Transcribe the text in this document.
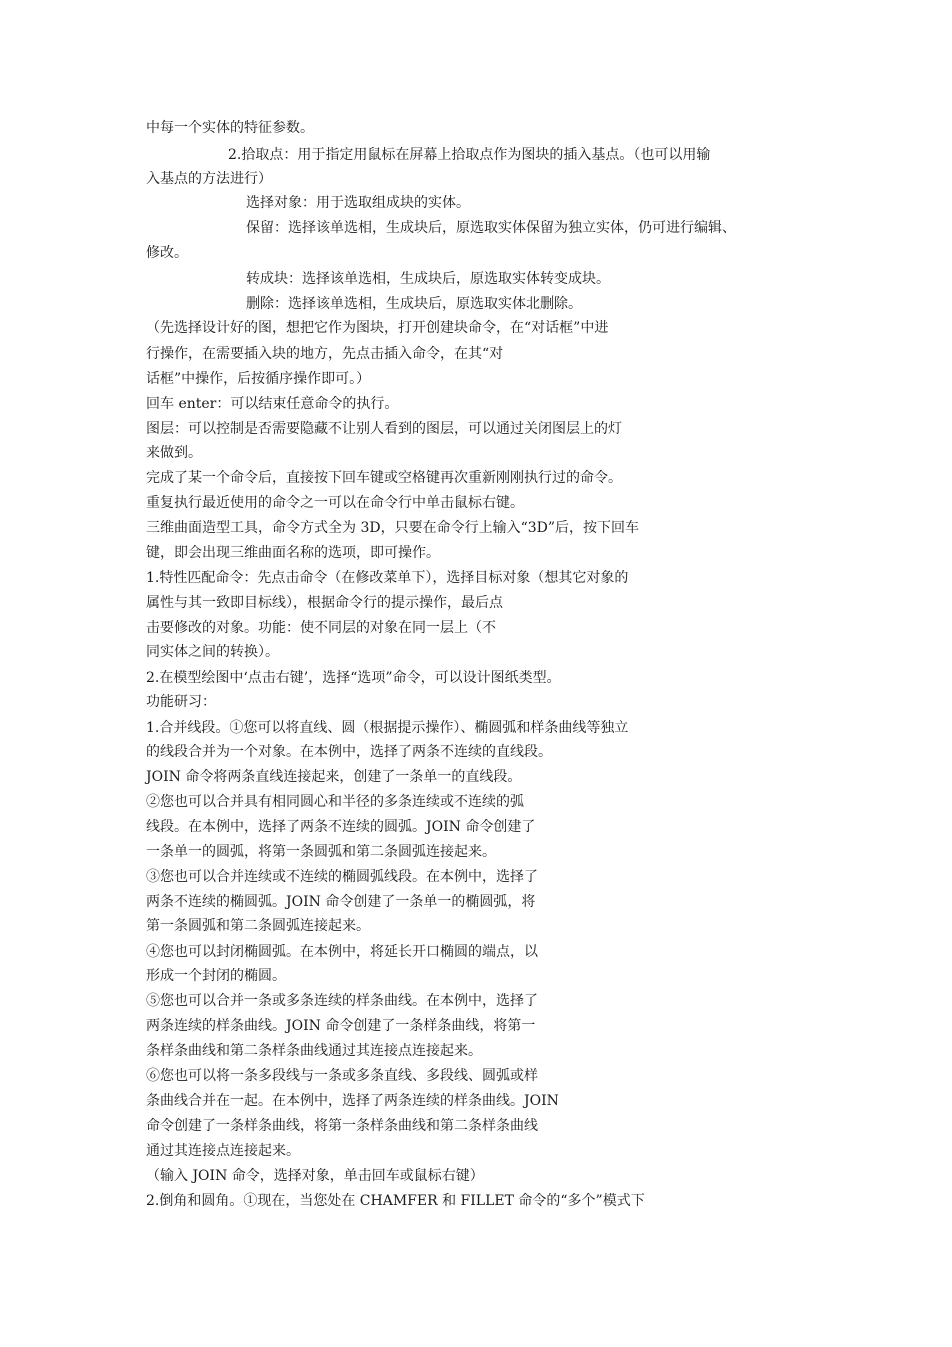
中每一个实体的特征参数。
2.拾取点：用于指定用鼠标在屏幕上拾取点作为图块的插入基点。（也可以用输
入基点的方法进行）
选择对象：用于选取组成块的实体。
保留：选择该单选相，生成块后，原选取实体保留为独立实体，仍可进行编辑、
修改。
转成块：选择该单选相，生成块后，原选取实体转变成块。
删除：选择该单选相，生成块后，原选取实体北删除。
（先选择设计好的图，想把它作为图块，打开创建块命令，在“对话框”中进
行操作，在需要插入块的地方，先点击插入命令，在其“对
话框”中操作，后按循序操作即可。）
回车 enter：可以结束任意命令的执行。
图层：可以控制是否需要隐藏不让别人看到的图层，可以通过关闭图层上的灯
来做到。
完成了某一个命令后，直接按下回车键或空格键再次重新刚刚执行过的命令。
重复执行最近使用的命令之一可以在命令行中单击鼠标右键。
三维曲面造型工具，命令方式全为 3D，只要在命令行上输入“3D”后，按下回车
键，即会出现三维曲面名称的选项，即可操作。
1.特性匹配命令：先点击命令（在修改菜单下），选择目标对象（想其它对象的
属性与其一致即目标线），根据命令行的提示操作，最后点
击要修改的对象。功能：使不同层的对象在同一层上（不
同实体之间的转换）。
2.在模型绘图中‘点击右键’，选择“选项”命令，可以设计图纸类型。
功能研习：
1.合并线段。①您可以将直线、圆（根据提示操作）、椭圆弧和样条曲线等独立
的线段合并为一个对象。在本例中，选择了两条不连续的直线段。
JOIN 命令将两条直线连接起来，创建了一条单一的直线段。
②您也可以合并具有相同圆心和半径的多条连续或不连续的弧
线段。在本例中，选择了两条不连续的圆弧。JOIN 命令创建了
一条单一的圆弧，将第一条圆弧和第二条圆弧连接起来。
③您也可以合并连续或不连续的椭圆弧线段。在本例中，选择了
两条不连续的椭圆弧。JOIN 命令创建了一条单一的椭圆弧，将
第一条圆弧和第二条圆弧连接起来。
④您也可以封闭椭圆弧。在本例中，将延长开口椭圆的端点，以
形成一个封闭的椭圆。
⑤您也可以合并一条或多条连续的样条曲线。在本例中，选择了
两条连续的样条曲线。JOIN 命令创建了一条样条曲线，将第一
条样条曲线和第二条样条曲线通过其连接点连接起来。
⑥您也可以将一条多段线与一条或多条直线、多段线、圆弧或样
条曲线合并在一起。在本例中，选择了两条连续的样条曲线。JOIN
命令创建了一条样条曲线，将第一条样条曲线和第二条样条曲线
通过其连接点连接起来。
（输入 JOIN 命令，选择对象，单击回车或鼠标右键）
2.倒角和圆角。①现在，当您处在 CHAMFER 和 FILLET 命令的“多个”模式下
